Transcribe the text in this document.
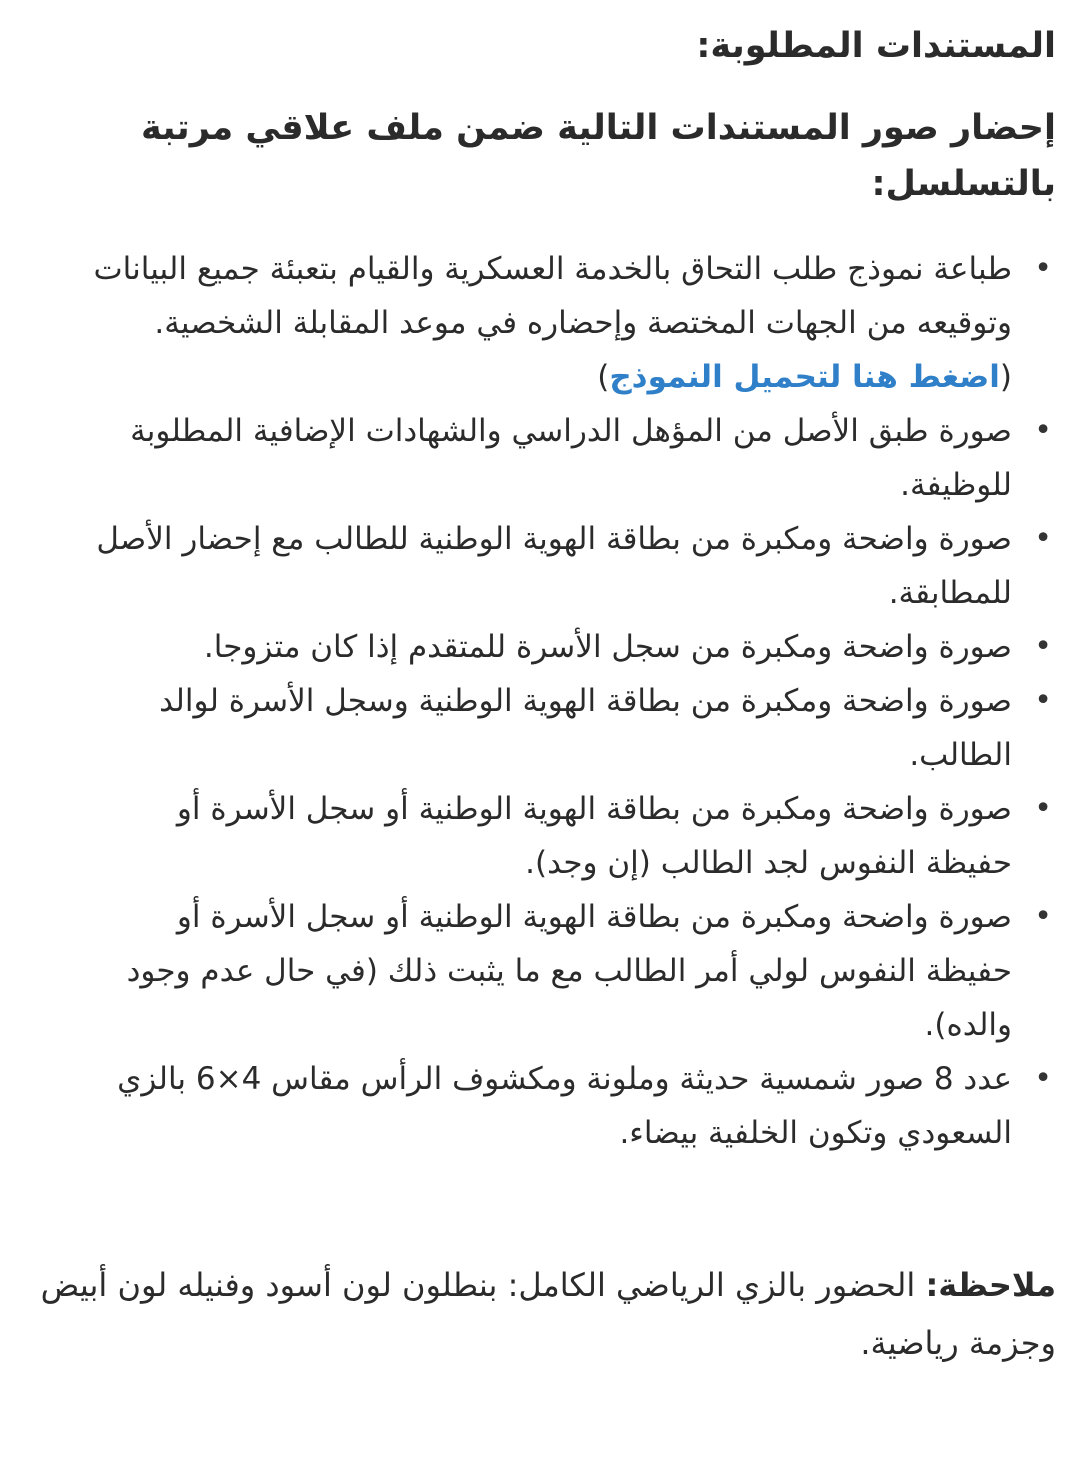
المستندات المطلوبة:
إحضار صور المستندات التالية ضمن ملف علاقي مرتبة بالتسلسل:
•
طباعة نموذج طلب التحاق بالخدمة العسكرية والقيام بتعبئة جميع البيانات وتوقيعه من الجهات المختصة وإحضاره في موعد المقابلة الشخصية. (اضغط هنا لتحميل النموذج)
•
صورة طبق الأصل من المؤهل الدراسي والشهادات الإضافية المطلوبة للوظيفة.
•
صورة واضحة ومكبرة من بطاقة الهوية الوطنية للطالب مع إحضار الأصل للمطابقة.
•
صورة واضحة ومكبرة من سجل الأسرة للمتقدم إذا كان متزوجا.
•
صورة واضحة ومكبرة من بطاقة الهوية الوطنية وسجل الأسرة لوالد الطالب.
•
صورة واضحة ومكبرة من بطاقة الهوية الوطنية أو سجل الأسرة أو حفيظة النفوس لجد الطالب (إن وجد).
•
صورة واضحة ومكبرة من بطاقة الهوية الوطنية أو سجل الأسرة أو حفيظة النفوس لولي أمر الطالب مع ما يثبت ذلك (في حال عدم وجود والده).
•
عدد 8 صور شمسية حديثة وملونة ومكشوف الرأس مقاس 4×6 بالزي السعودي وتكون الخلفية بيضاء.

ملاحظة: الحضور بالزي الرياضي الكامل: بنطلون لون أسود وفنيله لون أبيض وجزمة رياضية.
